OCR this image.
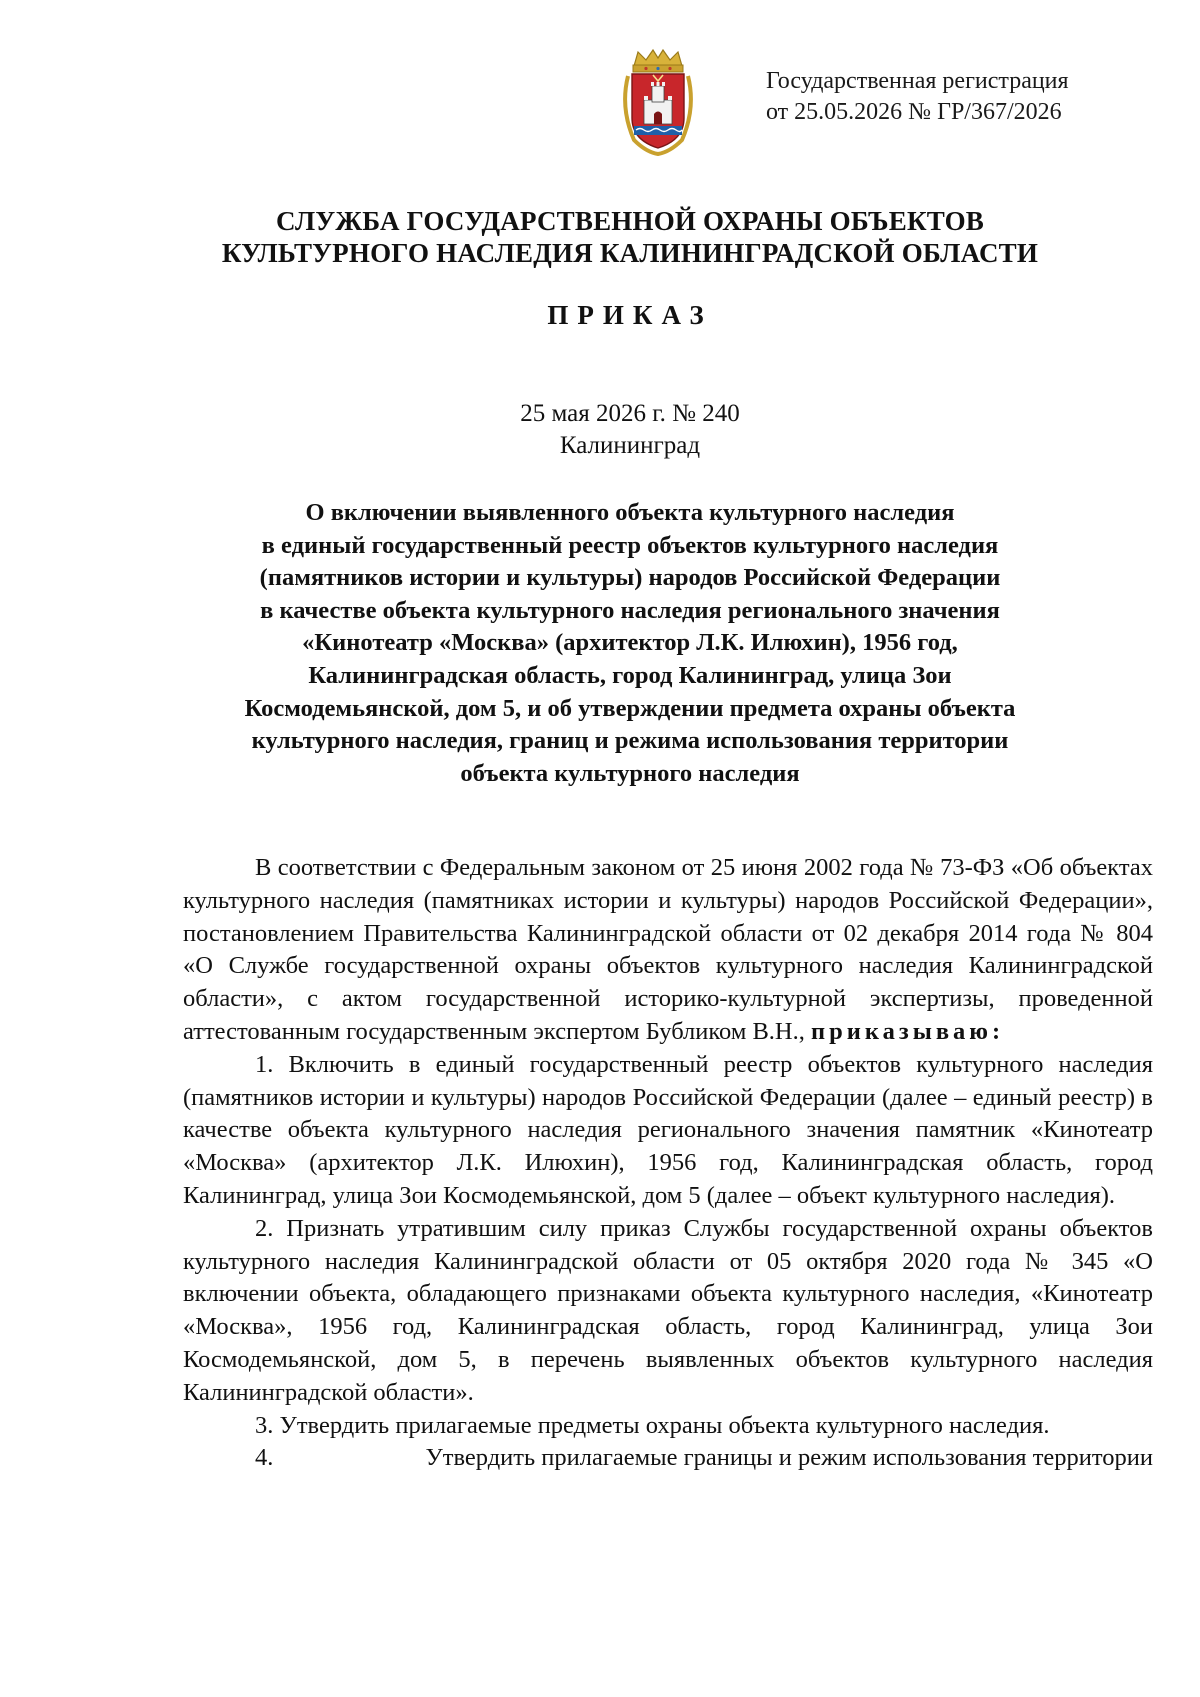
Государственная регистрация
от 25.05.2026 № ГР/367/2026
СЛУЖБА ГОСУДАРСТВЕННОЙ ОХРАНЫ ОБЪЕКТОВ
КУЛЬТУРНОГО НАСЛЕДИЯ КАЛИНИНГРАДСКОЙ ОБЛАСТИ
ПРИКАЗ
25 мая 2026 г. № 240
Калининград
О включении выявленного объекта культурного наследия
в единый государственный реестр объектов культурного наследия
(памятников истории и культуры) народов Российской Федерации
в качестве объекта культурного наследия регионального значения
«Кинотеатр «Москва» (архитектор Л.К. Илюхин), 1956 год,
Калининградская область, город Калининград, улица Зои
Космодемьянской, дом 5, и об утверждении предмета охраны объекта
культурного наследия, границ и режима использования территории
объекта культурного наследия

В соответствии с Федеральным законом от 25 июня 2002 года № 73-ФЗ «Об объектах культурного наследия (памятниках истории и культуры) народов Российской Федерации», постановлением Правительства Калининградской области от 02 декабря 2014 года № 804 «О Службе государственной охраны объектов культурного наследия Калининградской области», с актом государственной историко-культурной экспертизы, проведенной аттестованным государственным экспертом Бубликом В.Н., приказываю:

1. Включить в единый государственный реестр объектов культурного наследия (памятников истории и культуры) народов Российской Федерации (далее – единый реестр) в качестве объекта культурного наследия регионального значения памятник «Кинотеатр «Москва» (архитектор Л.К. Илюхин), 1956 год, Калининградская область, город Калининград, улица Зои Космодемьянской, дом 5 (далее – объект культурного наследия).

2. Признать утратившим силу приказ Службы государственной охраны объектов культурного наследия Калининградской области от 05 октября 2020 года № 345 «О включении объекта, обладающего признаками объекта культурного наследия, «Кинотеатр «Москва», 1956 год, Калининградская область, город Калининград, улица Зои Космодемьянской, дом 5, в перечень выявленных объектов культурного наследия Калининградской области».

3. Утвердить прилагаемые предметы охраны объекта культурного наследия.

4.	Утвердить прилагаемые границы и режим использования территории
